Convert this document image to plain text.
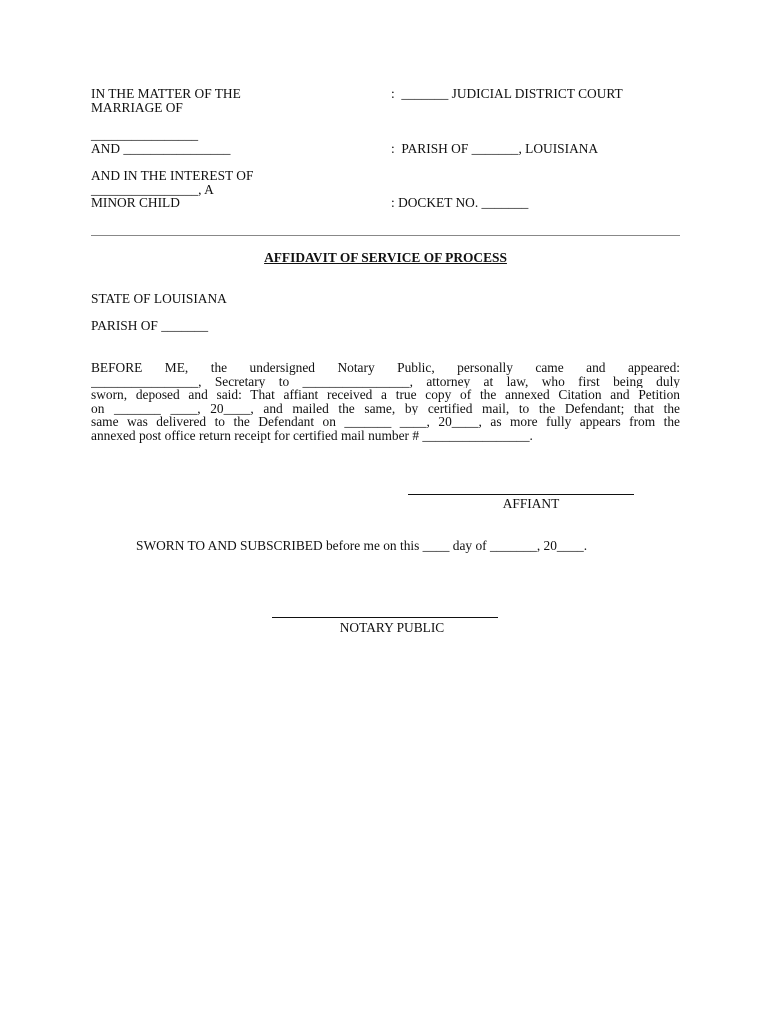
IN THE MATTER OF THE
MARRIAGE OF
________________
AND ________________
AND IN THE INTEREST OF
________________, A
MINOR CHILD
:  _______ JUDICIAL DISTRICT COURT
:  PARISH OF _______, LOUISIANA
: DOCKET NO. _______
AFFIDAVIT OF SERVICE OF PROCESS
STATE OF LOUISIANA
PARISH OF _______
BEFORE ME, the undersigned Notary Public, personally came and appeared:
________________, Secretary to ________________, attorney at law, who first being duly
sworn, deposed and said: That affiant received a true copy of the annexed Citation and Petition
on _______ ____, 20____, and mailed the same, by certified mail, to the Defendant; that the
same was delivered to the Defendant on _______ ____, 20____, as more fully appears from the
annexed post office return receipt for certified mail number # ________________.
AFFIANT
SWORN TO AND SUBSCRIBED before me on this ____ day of _______, 20____.
NOTARY PUBLIC
